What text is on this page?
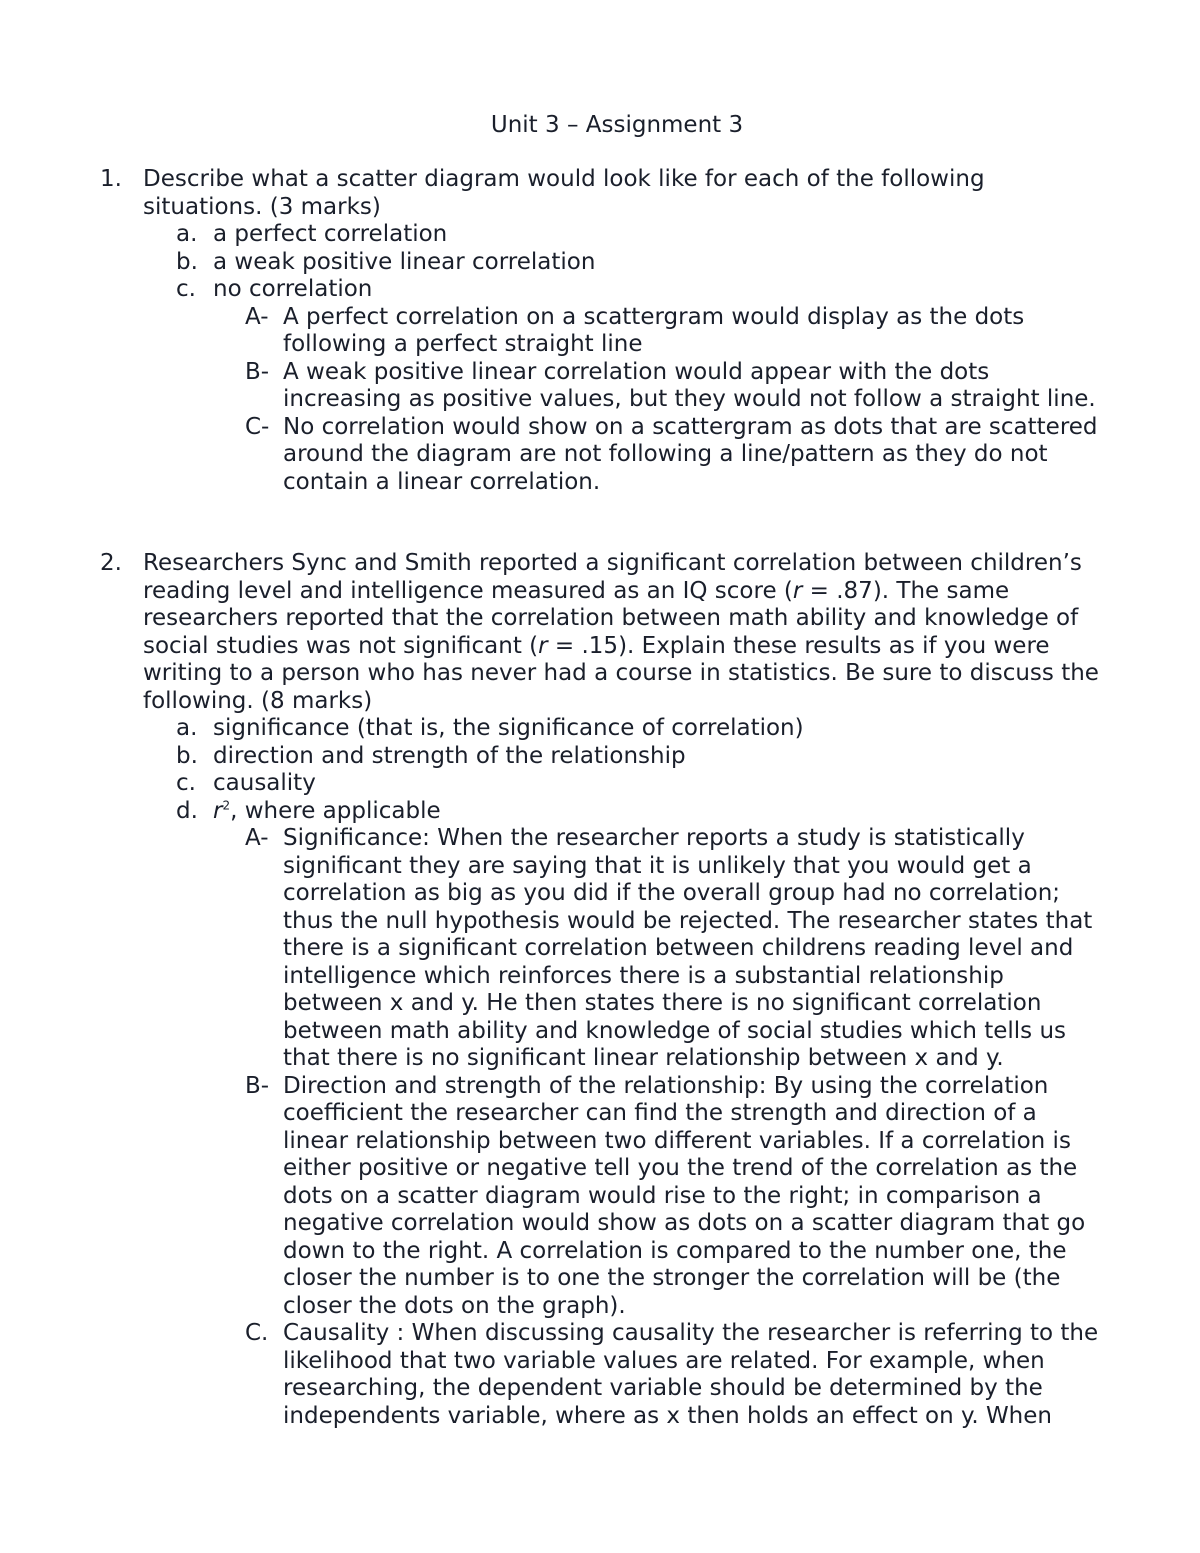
Unit 3 – Assignment 3
1. Describe what a scatter diagram would look like for each of the following
situations. (3 marks)
a. a perfect correlation
b. a weak positive linear correlation
c. no correlation
A- A perfect correlation on a scattergram would display as the dots
following a perfect straight line
B- A weak positive linear correlation would appear with the dots
increasing as positive values, but they would not follow a straight line.
C- No correlation would show on a scattergram as dots that are scattered
around the diagram are not following a line/pattern as they do not
contain a linear correlation.
2. Researchers Sync and Smith reported a significant correlation between children’s
reading level and intelligence measured as an IQ score (r = .87). The same
researchers reported that the correlation between math ability and knowledge of
social studies was not significant (r = .15). Explain these results as if you were
writing to a person who has never had a course in statistics. Be sure to discuss the
following. (8 marks)
a. significance (that is, the significance of correlation)
b. direction and strength of the relationship
c. causality
d. $r^2$, where applicable
A- Significance: When the researcher reports a study is statistically
significant they are saying that it is unlikely that you would get a
correlation as big as you did if the overall group had no correlation;
thus the null hypothesis would be rejected. The researcher states that
there is a significant correlation between childrens reading level and
intelligence which reinforces there is a substantial relationship
between x and y. He then states there is no significant correlation
between math ability and knowledge of social studies which tells us
that there is no significant linear relationship between x and y.
B- Direction and strength of the relationship: By using the correlation
coefficient the researcher can find the strength and direction of a
linear relationship between two different variables. If a correlation is
either positive or negative tell you the trend of the correlation as the
dots on a scatter diagram would rise to the right; in comparison a
negative correlation would show as dots on a scatter diagram that go
down to the right. A correlation is compared to the number one, the
closer the number is to one the stronger the correlation will be (the
closer the dots on the graph).
C. Causality : When discussing causality the researcher is referring to the
likelihood that two variable values are related. For example, when
researching, the dependent variable should be determined by the
independents variable, where as x then holds an effect on y. When
